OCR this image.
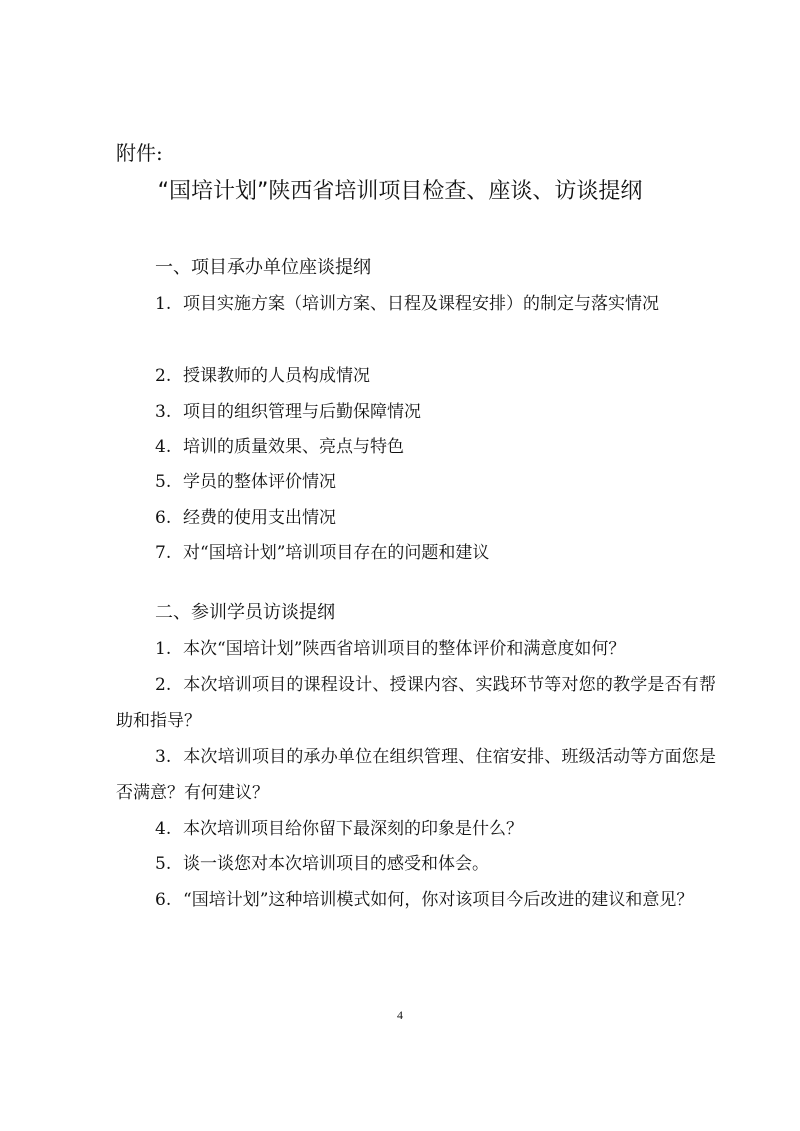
附件:
“国培计划”陕西省培训项目检查、座谈、访谈提纲
一、项目承办单位座谈提纲
1. 项目实施方案（培训方案、日程及课程安排）的制定与落实情况
2. 授课教师的人员构成情况
3. 项目的组织管理与后勤保障情况
4. 培训的质量效果、亮点与特色
5. 学员的整体评价情况
6. 经费的使用支出情况
7. 对“国培计划”培训项目存在的问题和建议
二、参训学员访谈提纲
1. 本次“国培计划”陕西省培训项目的整体评价和满意度如何？
2. 本次培训项目的课程设计、授课内容、实践环节等对您的教学是否有帮助和指导？
3. 本次培训项目的承办单位在组织管理、住宿安排、班级活动等方面您是否满意？有何建议？
4. 本次培训项目给你留下最深刻的印象是什么？
5. 谈一谈您对本次培训项目的感受和体会。
6. “国培计划”这种培训模式如何，你对该项目今后改进的建议和意见？
4
